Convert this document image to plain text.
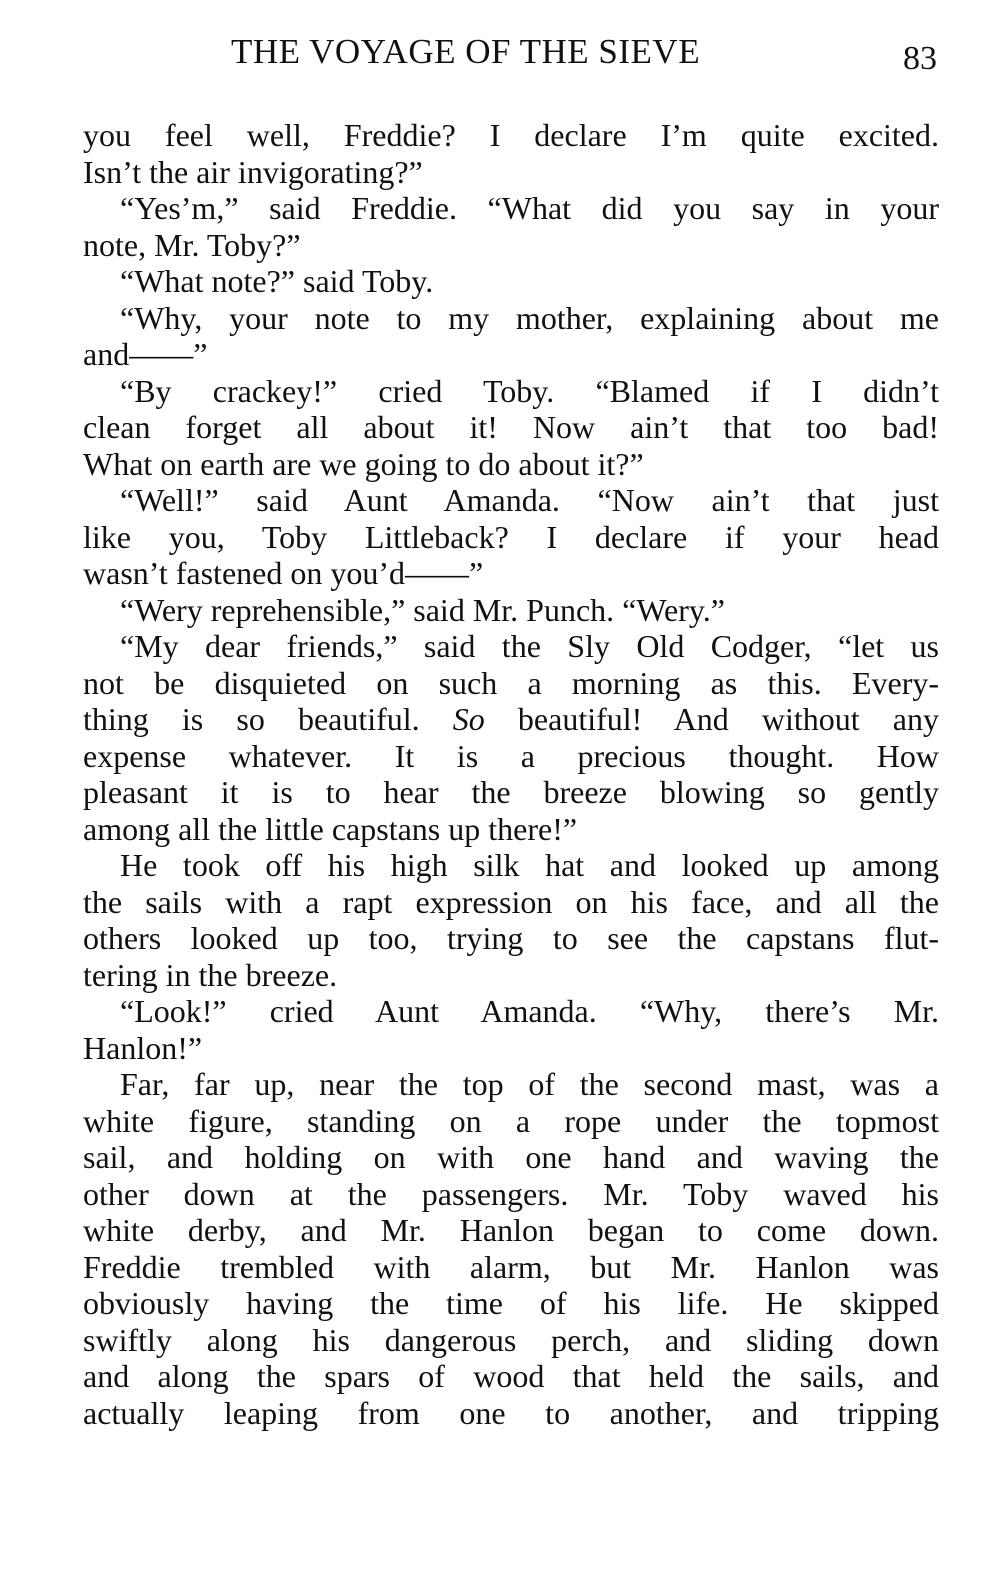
THE VOYAGE OF THE SIEVE	83
you feel well, Freddie? I declare I’m quite excited.
Isn’t the air invigorating?”
“Yes’m,” said Freddie. “What did you say in your
note, Mr. Toby?”
“What note?” said Toby.
“Why, your note to my mother, explaining about me
and——”
“By crackey!” cried Toby. “Blamed if I didn’t
clean forget all about it! Now ain’t that too bad!
What on earth are we going to do about it?”
“Well!” said Aunt Amanda. “Now ain’t that just
like you, Toby Littleback? I declare if your head
wasn’t fastened on you’d——”
“Wery reprehensible,” said Mr. Punch. “Wery.”
“My dear friends,” said the Sly Old Codger, “let us
not be disquieted on such a morning as this. Every-
thing is so beautiful. So beautiful! And without any
expense whatever. It is a precious thought. How
pleasant it is to hear the breeze blowing so gently
among all the little capstans up there!”
He took off his high silk hat and looked up among
the sails with a rapt expression on his face, and all the
others looked up too, trying to see the capstans flut-
tering in the breeze.
“Look!” cried Aunt Amanda. “Why, there’s Mr.
Hanlon!”
Far, far up, near the top of the second mast, was a
white figure, standing on a rope under the topmost
sail, and holding on with one hand and waving the
other down at the passengers. Mr. Toby waved his
white derby, and Mr. Hanlon began to come down.
Freddie trembled with alarm, but Mr. Hanlon was
obviously having the time of his life. He skipped
swiftly along his dangerous perch, and sliding down
and along the spars of wood that held the sails, and
actually leaping from one to another, and tripping
